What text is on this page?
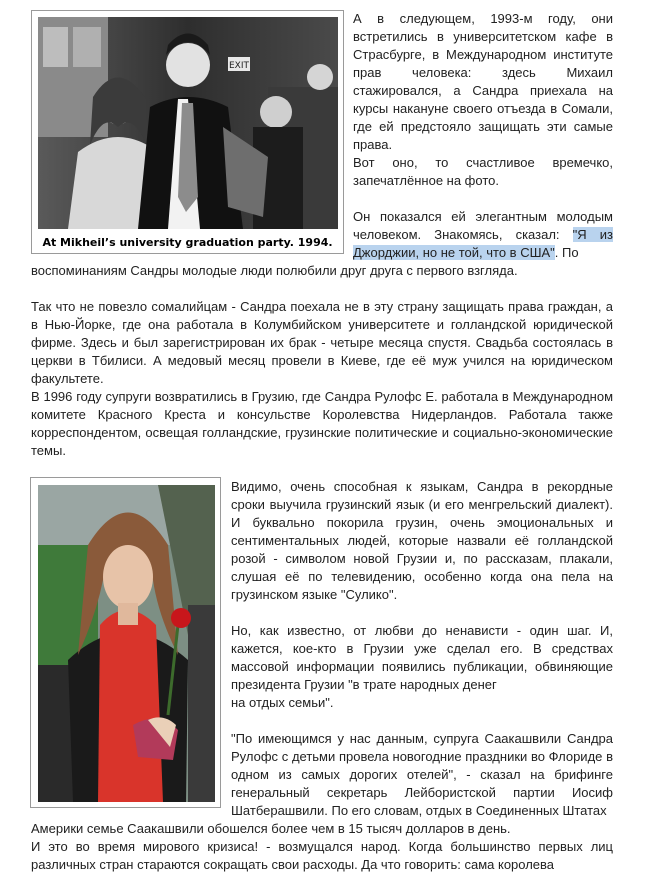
EXIT
At Mikheil’s university graduation party. 1994.

А в следующем, 1993-м году, они встретились в университетском кафе в Страсбурге, в Международном институте прав человека: здесь Михаил стажировался, а Сандра приехала на курсы накануне своего отъезда в Сомали, где ей предстояло защищать эти самые права.

Вот оно, то счастливое времечко, запечатлённое на фото.

Он показался ей элегантным молодым человеком. Знакомясь, сказал: "Я из Джорджии, но не той, что в США". По

воспоминаниям Сандры молодые люди полюбили друг друга с первого взгляда.

Так что не повезло сомалийцам - Сандра поехала не в эту страну защищать права граждан, а в Нью-Йорке, где она работала в Колумбийском университете и голландской юридической фирме. Здесь и был зарегистрирован их брак - четыре месяца спустя. Свадьба состоялась в церкви в Тбилиси. А медовый месяц провели в Киеве, где её муж учился на юридическом факультете.

В 1996 году супруги возвратились в Грузию, где Сандра Рулофс Е. работала в Международном комитете Красного Креста и консульстве Королевства Нидерландов. Работала также корреспондентом, освещая голландские, грузинские политические и социально-экономические темы.

Видимо, очень способная к языкам, Сандра в рекордные сроки выучила грузинский язык (и его менгрельский диалект). И буквально покорила грузин, очень эмоциональных и сентиментальных людей, которые назвали её голландской розой - символом новой Грузии и, по рассказам, плакали, слушая её по телевидению, особенно когда она пела на грузинском языке "Сулико".

Но, как известно, от любви до ненависти - один шаг. И, кажется, кое-кто в Грузии уже сделал его. В средствах массовой информации появились публикации, обвиняющие президента Грузии "в трате народных денег

на отдых семьи".

"По имеющимся у нас данным, супруга Саакашвили Сандра Рулофс с детьми провела новогодние праздники во Флориде в одном из самых дорогих отелей", - сказал на брифинге генеральный секретарь Лейбористской партии Иосиф Шатберашвили. По его словам, отдых в Соединенных Штатах

Америки семье Саакашвили обошелся более чем в 15 тысяч долларов в день.

И это во время мирового кризиса! - возмущался народ. Когда большинство первых лиц различных стран стараются сокращать свои расходы. Да что говорить: сама королева
